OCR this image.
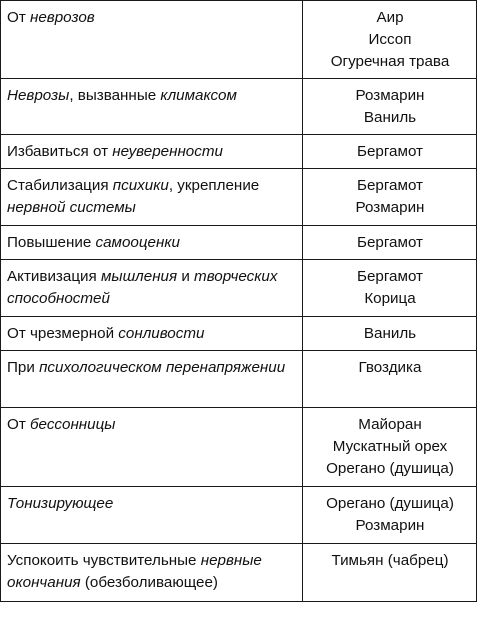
От неврозов	Аир
Иссоп
Огуречная трава

Неврозы, вызванные климаксом	Розмарин
Ваниль

Избавиться от неуверенности	Бергамот

Стабилизация психики, укрепление нервной системы	Бергамот
Розмарин

Повышение самооценки	Бергамот

Активизация мышления и творческих способностей	Бергамот
Корица

От чрезмерной сонливости	Ваниль

При психологическом перенапряжении	Гвоздика

От бессонницы	Майоран
Мускатный орех
Орегано (душица)

Тонизирующее	Орегано (душица)
Розмарин

Успокоить чувствительные нервные окончания (обезболивающее)	Тимьян (чабрец)
